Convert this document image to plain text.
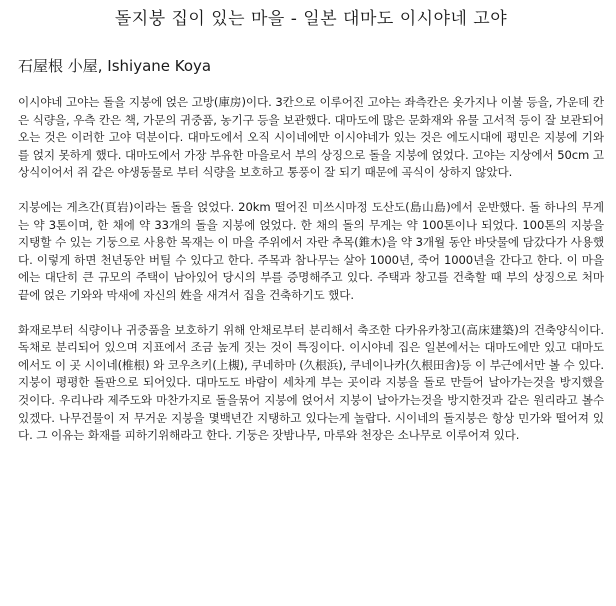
돌지붕 집이 있는 마을 - 일본 대마도 이시야네 고야
石屋根 小屋, Ishiyane Koya

이시야네 고야는 돌을 지붕에 얹은 고방(庫房)이다. 3칸으로 이루어진 고야는 좌측칸은 옷가지나 이불 등을, 가운데 칸은 식량을, 우측 칸은 책, 가문의 귀중품, 농기구 등을 보관했다. 대마도에 많은 문화재와 유물 고서적 등이 잘 보관되어 오는 것은 이러한 고야 덕분이다. 대마도에서 오직 시이네에만 이시야네가 있는 것은 에도시대에 평민은 지붕에 기와를 얹지 못하게 했다. 대마도에서 가장 부유한 마을로서 부의 상징으로 돌을 지붕에 얹었다. 고야는 지상에서 50cm 고상식이어서 쥐 같은 야생동물로 부터 식량을 보호하고 통풍이 잘 되기 때문에 곡식이 상하지 않았다.

지붕에는 게츠간(頁岩)이라는 돌을 얹었다. 20km 떨어진 미쓰시마정 도산도(島山島)에서 운반했다. 돌 하나의 무게는 약 3톤이며, 한 채에 약 33개의 돌을 지붕에 얹었다. 한 채의 돌의 무게는 약 100톤이나 되었다. 100톤의 지붕을 지탱할 수 있는 기둥으로 사용한 목재는 이 마을 주위에서 자란 추목(錐木)을 약 3개월 동안 바닷물에 담갔다가 사용했다. 이렇게 하면 천년동안 버틸 수 있다고 한다. 주목과 참나무는 살아 1000년, 죽어 1000년을 간다고 한다. 이 마을에는 대단히 큰 규모의 주택이 남아있어 당시의 부를 증명해주고 있다. 주택과 창고를 건축할 때 부의 상징으로 처마 끝에 얹은 기와와 막새에 자신의 姓을 새겨서 집을 건축하기도 했다.

화재로부터 식량이나 귀중품을 보호하기 위해 안채로부터 분리해서 축조한 다카유카창고(高床建築)의 건축양식이다. 독채로 분리되어 있으며 지표에서 조금 높게 짓는 것이 특징이다. 이시야네 집은 일본에서는 대마도에만 있고 대마도에서도 이 곳 시이네(椎根) 와 코우츠키(上槻), 쿠네하마 (久根浜), 쿠네이나카(久根田舎)등 이 부근에서만 볼 수 있다. 지붕이 평평한 돌판으로 되어있다. 대마도도 바람이 세차게 부는 곳이라 지붕을 돌로 만들어 날아가는것을 방지했을 것이다. 우리나라 제주도와 마찬가지로 돌을묶어 지붕에 얹어서 지붕이 날아가는것을 방지한것과 같은 원리라고 볼수 있겠다. 나무건물이 저 무거운 지붕을 몇백년간 지탱하고 있다는게 놀랍다. 시이네의 돌지붕은 항상 민가와 떨어져 있다. 그 이유는 화재를 피하기위해라고 한다. 기둥은 잣밤나무, 마루와 천장은 소나무로 이루어져 있다.
